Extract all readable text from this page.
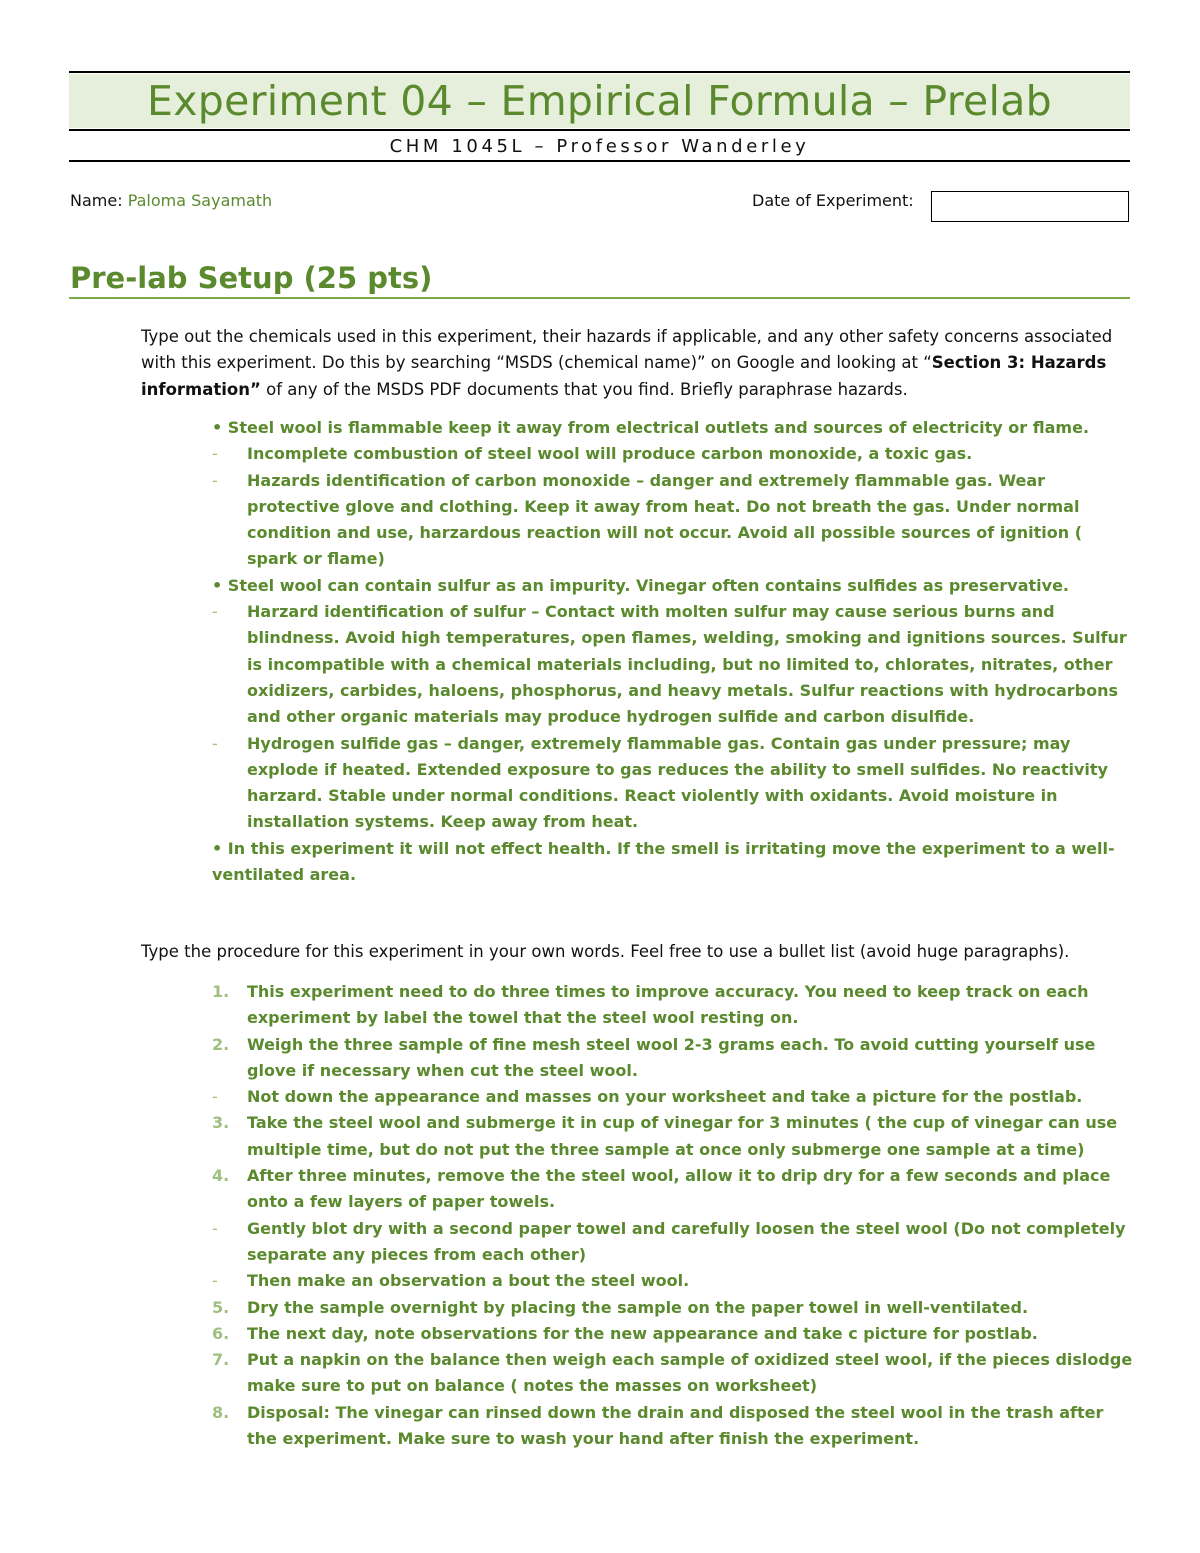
Experiment 04 – Empirical Formula – Prelab
CHM 1045L – Professor Wanderley
Name: Paloma Sayamath	Date of Experiment:
Pre-lab Setup (25 pts)
Type out the chemicals used in this experiment, their hazards if applicable, and any other safety concerns associated with this experiment. Do this by searching “MSDS (chemical name)” on Google and looking at “Section 3: Hazards information” of any of the MSDS PDF documents that you find. Briefly paraphrase hazards.
• Steel wool is flammable keep it away from electrical outlets and sources of electricity or flame.
-	Incomplete combustion of steel wool will produce carbon monoxide, a toxic gas.
-	Hazards identification of carbon monoxide – danger and extremely flammable gas. Wear protective glove and clothing. Keep it away from heat. Do not breath the gas. Under normal condition and use, harzardous reaction will not occur. Avoid all possible sources of ignition ( spark or flame)
• Steel wool can contain sulfur as an impurity. Vinegar often contains sulfides as preservative.
-	Harzard identification of sulfur – Contact with molten sulfur may cause serious burns and blindness. Avoid high temperatures, open flames, welding, smoking and ignitions sources. Sulfur is incompatible with a chemical materials including, but no limited to, chlorates, nitrates, other oxidizers, carbides, haloens, phosphorus, and heavy metals. Sulfur reactions with hydrocarbons and other organic materials may produce hydrogen sulfide and carbon disulfide.
-	Hydrogen sulfide gas – danger, extremely flammable gas. Contain gas under pressure; may explode if heated. Extended exposure to gas reduces the ability to smell sulfides. No reactivity harzard. Stable under normal conditions. React violently with oxidants. Avoid moisture in installation systems. Keep away from heat.
• In this experiment it will not effect health. If the smell is irritating move the experiment to a well-ventilated area.
Type the procedure for this experiment in your own words. Feel free to use a bullet list (avoid huge paragraphs).
1.	This experiment need to do three times to improve accuracy. You need to keep track on each experiment by label the towel that the steel wool resting on.
2.	Weigh the three sample of fine mesh steel wool 2-3 grams each. To avoid cutting yourself use glove if necessary when cut the steel wool.
-	Not down the appearance and masses on your worksheet and take a picture for the postlab.
3.	Take the steel wool and submerge it in cup of vinegar for 3 minutes ( the cup of vinegar can use multiple time, but do not put the three sample at once only submerge one sample at a time)
4.	After three minutes, remove the the steel wool, allow it to drip dry for a few seconds and place onto a few layers of paper towels.
-	Gently blot dry with a second paper towel and carefully loosen the steel wool (Do not completely separate any pieces from each other)
-	Then make an observation a bout the steel wool.
5.	Dry the sample overnight by placing the sample on the paper towel in well-ventilated.
6.	The next day, note observations for the new appearance and take c picture for postlab.
7.	Put a napkin on the balance then weigh each sample of oxidized steel wool, if the pieces dislodge make sure to put on balance ( notes the masses on worksheet)
8.	Disposal: The vinegar can rinsed down the drain and disposed the steel wool in the trash after the experiment. Make sure to wash your hand after finish the experiment.
